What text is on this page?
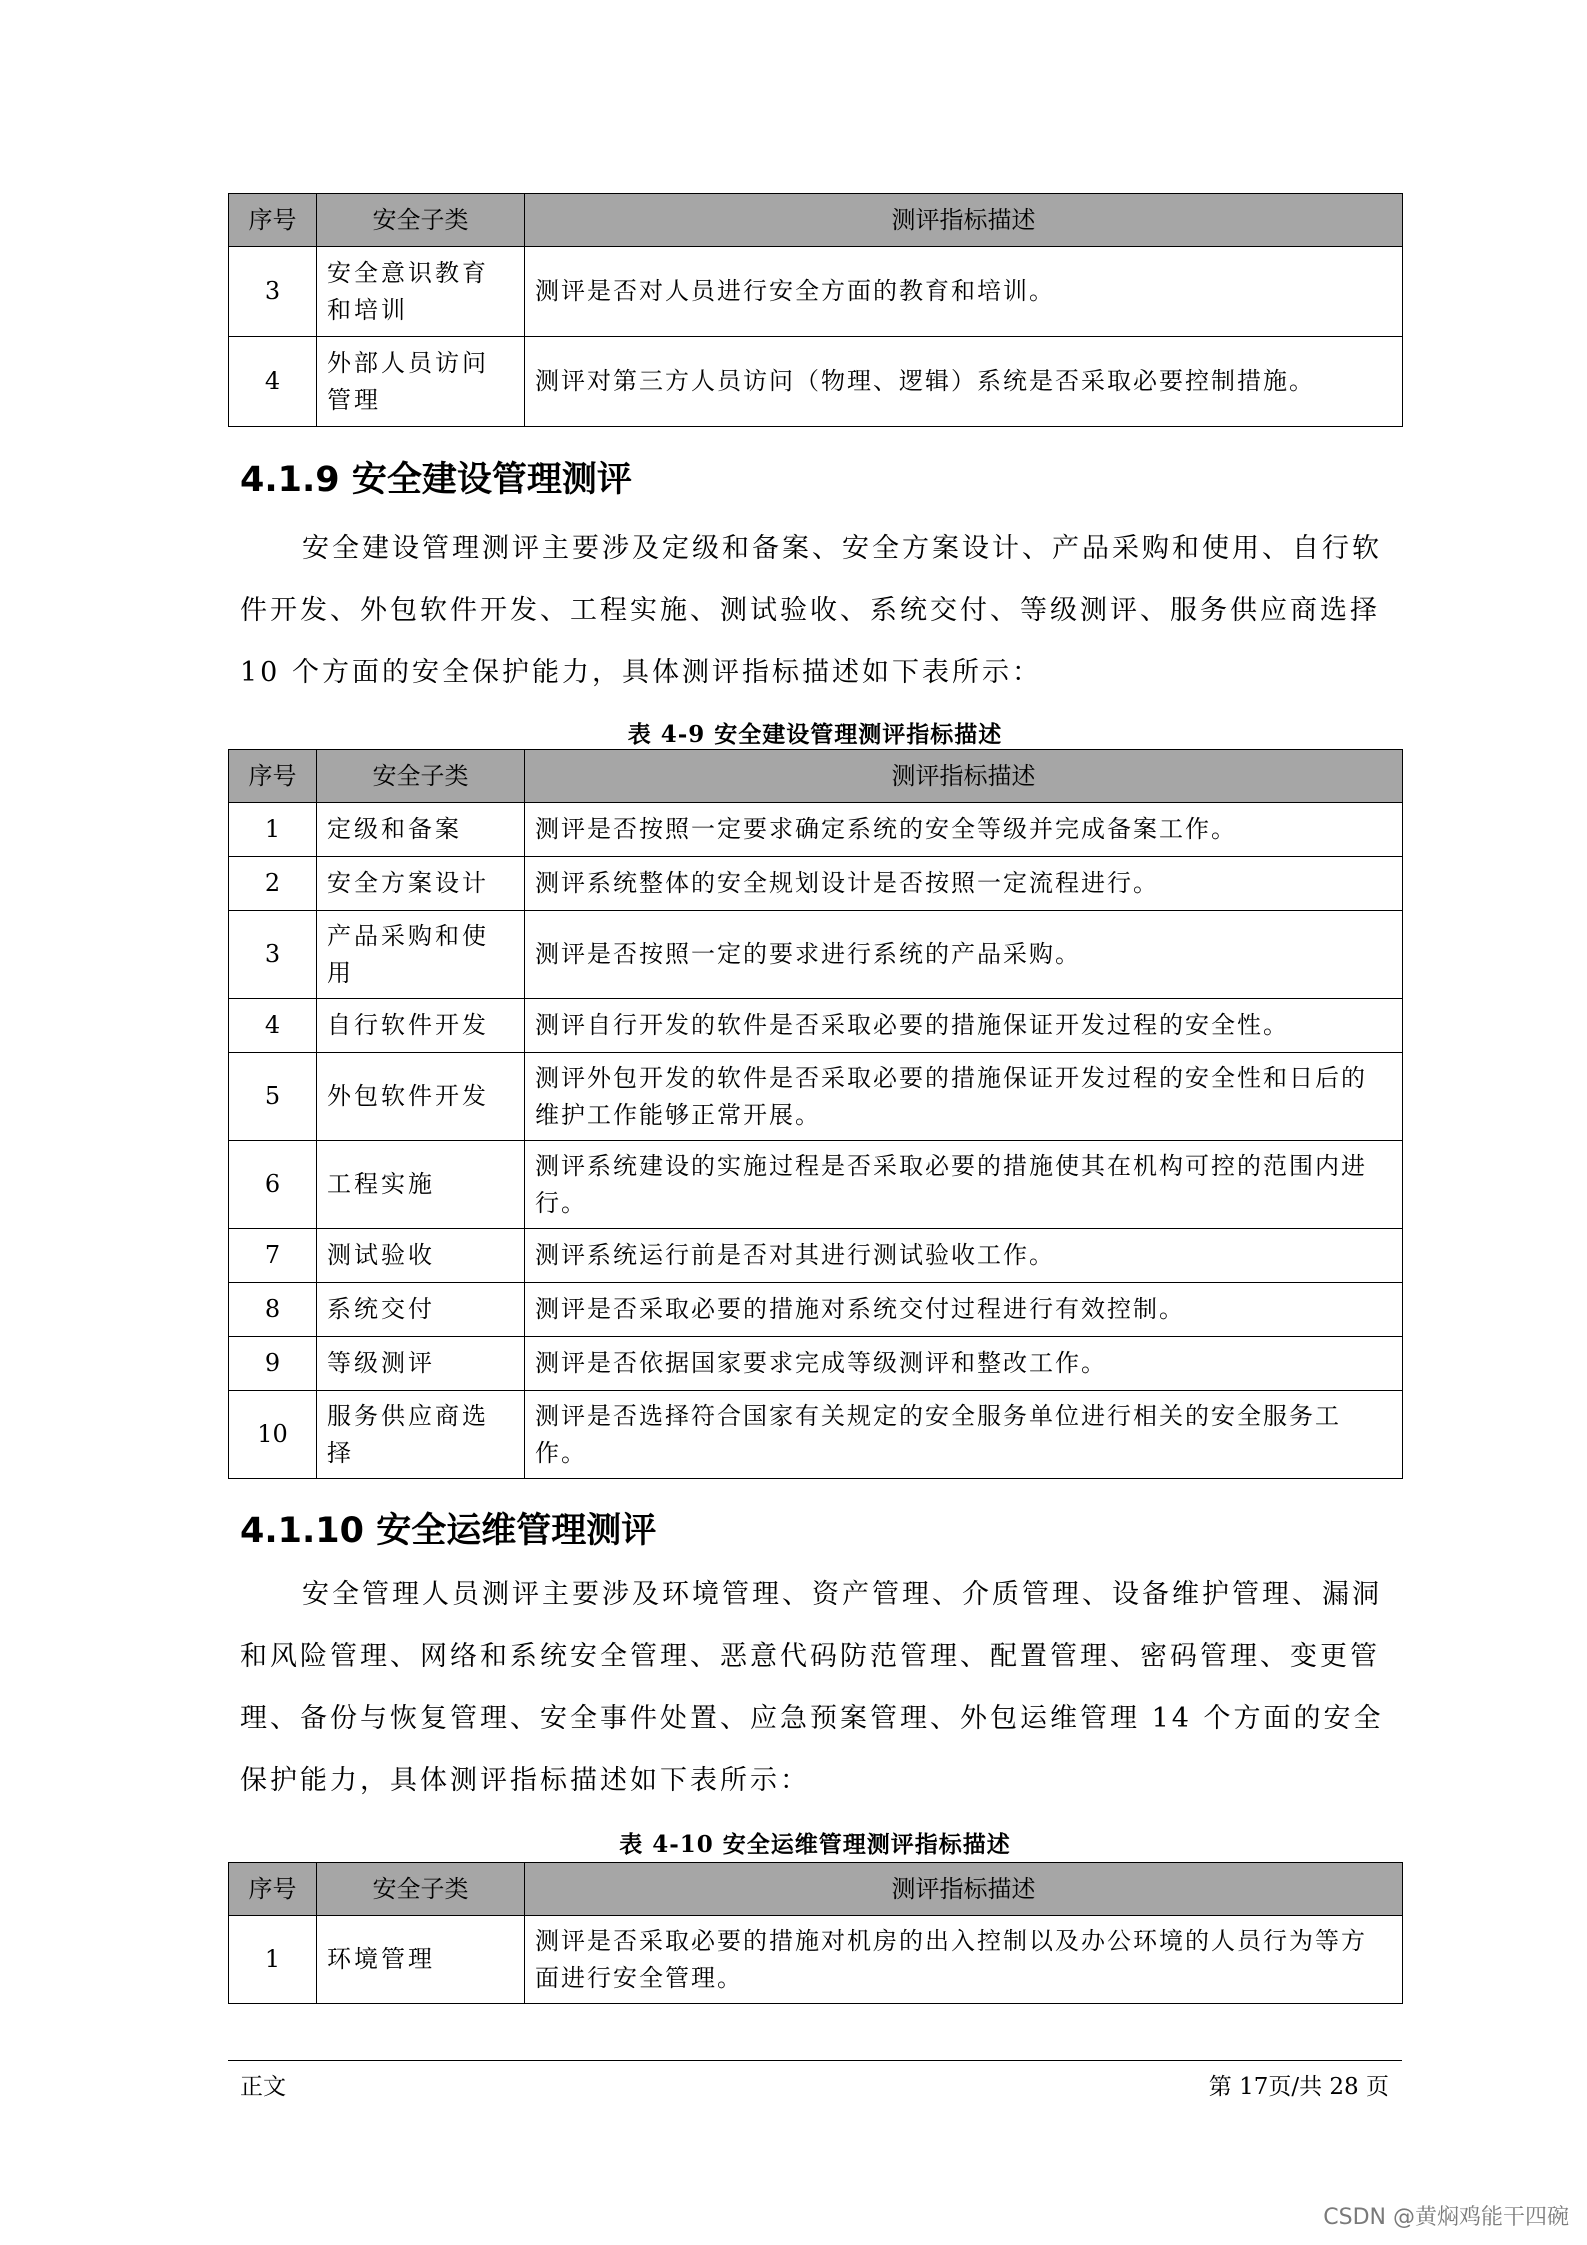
序号	安全子类	测评指标描述
3	安全意识教育和培训	测评是否对人员进行安全方面的教育和培训。
4	外部人员访问管理	测评对第三方人员访问（物理、逻辑）系统是否采取必要控制措施。
4.1.9 安全建设管理测评

安全建设管理测评主要涉及定级和备案、安全方案设计、产品采购和使用、自行软件开发、外包软件开发、工程实施、测试验收、系统交付、等级测评、服务供应商选择 10 个方面的安全保护能力，具体测评指标描述如下表所示：

表 4-9 安全建设管理测评指标描述
序号	安全子类	测评指标描述
1	定级和备案	测评是否按照一定要求确定系统的安全等级并完成备案工作。
2	安全方案设计	测评系统整体的安全规划设计是否按照一定流程进行。
3	产品采购和使用	测评是否按照一定的要求进行系统的产品采购。
4	自行软件开发	测评自行开发的软件是否采取必要的措施保证开发过程的安全性。
5	外包软件开发	测评外包开发的软件是否采取必要的措施保证开发过程的安全性和日后的维护工作能够正常开展。
6	工程实施	测评系统建设的实施过程是否采取必要的措施使其在机构可控的范围内进行。
7	测试验收	测评系统运行前是否对其进行测试验收工作。
8	系统交付	测评是否采取必要的措施对系统交付过程进行有效控制。
9	等级测评	测评是否依据国家要求完成等级测评和整改工作。
10	服务供应商选择	测评是否选择符合国家有关规定的安全服务单位进行相关的安全服务工作。
4.1.10 安全运维管理测评

安全管理人员测评主要涉及环境管理、资产管理、介质管理、设备维护管理、漏洞和风险管理、网络和系统安全管理、恶意代码防范管理、配置管理、密码管理、变更管理、备份与恢复管理、安全事件处置、应急预案管理、外包运维管理 14 个方面的安全保护能力，具体测评指标描述如下表所示：

表 4-10 安全运维管理测评指标描述
序号	安全子类	测评指标描述
1	环境管理	测评是否采取必要的措施对机房的出入控制以及办公环境的人员行为等方面进行安全管理。
正文	第 17页/共 28 页
CSDN @黄焖鸡能干四碗
